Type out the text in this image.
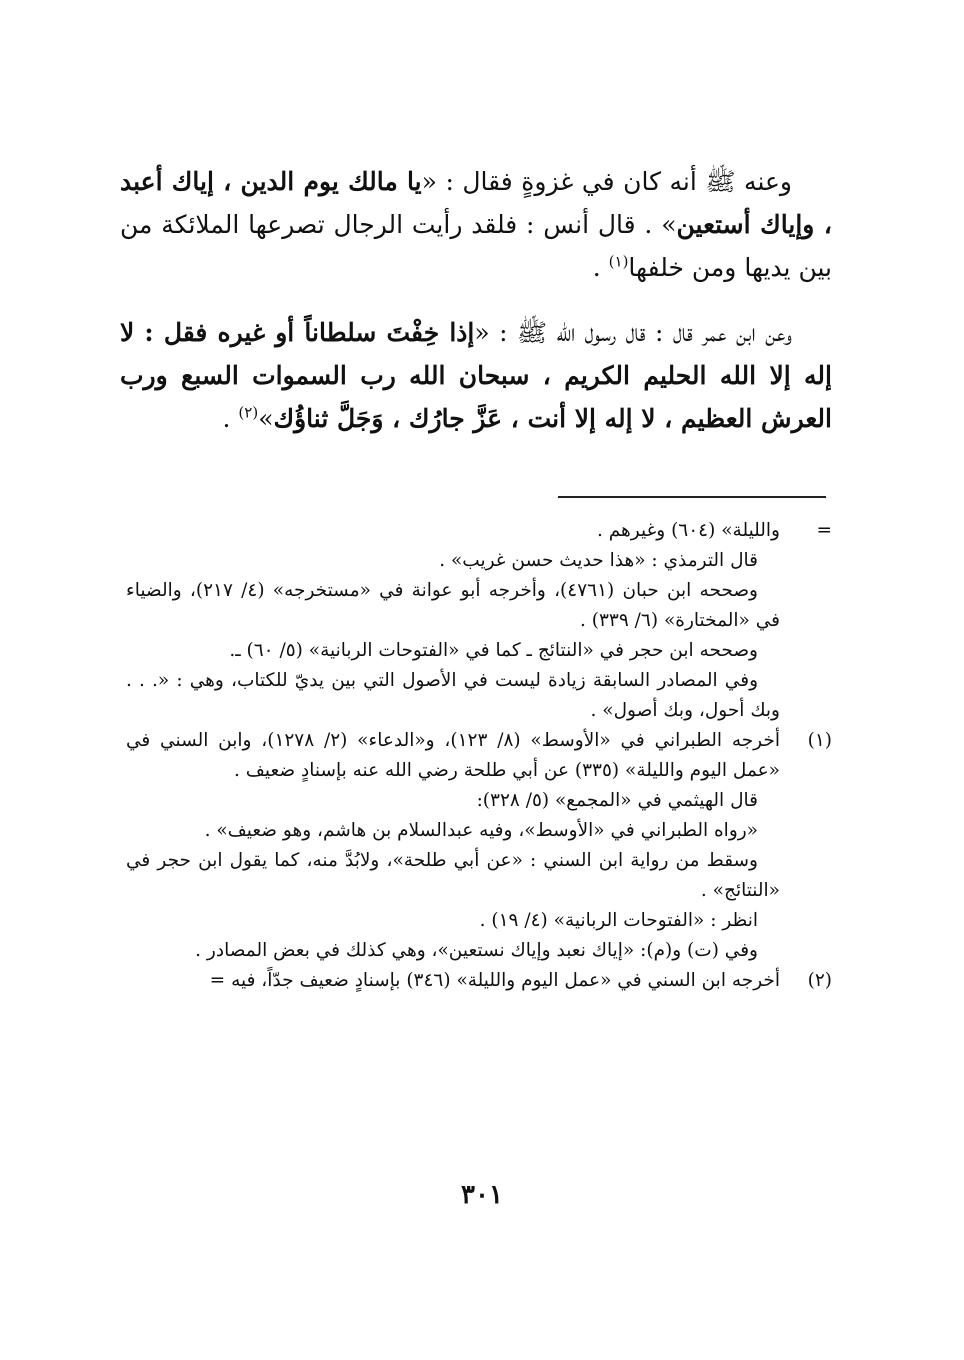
وعنه ﷺ أنه كان في غزوةٍ فقال : «يا مالك يوم الدين ، إياك أعبد ، وإياك أستعين» . قال أنس : فلقد رأيت الرجال تصرعها الملائكة من بين يديها ومن خلفها$^{(١)}$ .

وعن ابن عمر قال : قال رسول الله ﷺ : «إذا خِفْتَ سلطاناً أو غيره فقل : لا إله إلا الله الحليم الكريم ، سبحان الله رب السموات السبع ورب العرش العظيم ، لا إله إلا أنت ، عَزَّ جارُك ، وَجَلَّ ثناؤُك»$^{(٢)}$ .

=
والليلة» (٦٠٤) وغيرهم .
قال الترمذي : «هذا حديث حسن غريب» .
وصححه ابن حبان (٤٧٦١)، وأخرجه أبو عوانة في «مستخرجه» (٤/ ٢١٧)، والضياء في «المختارة» (٦/ ٣٣٩) .
وصححه ابن حجر في «النتائج ـ كما في «الفتوحات الربانية» (٥/ ٦٠) ـ.
وفي المصادر السابقة زيادة ليست في الأصول التي بين يديّ للكتاب، وهي : «. . . وبك أحول، وبك أصول» .
(١)
أخرجه الطبراني في «الأوسط» (٨/ ١٢٣)، و«الدعاء» (٢/ ١٢٧٨)، وابن السني في «عمل اليوم والليلة» (٣٣٥) عن أبي طلحة رضي الله عنه بإسنادٍ ضعيف .
قال الهيثمي في «المجمع» (٥/ ٣٢٨):
«رواه الطبراني في «الأوسط»، وفيه عبدالسلام بن هاشم، وهو ضعيف» .
وسقط من رواية ابن السني : «عن أبي طلحة»، ولابُدَّ منه، كما يقول ابن حجر في «النتائج» .
انظر : «الفتوحات الربانية» (٤/ ١٩) .
وفي (ت) و(م): «إياك نعبد وإياك نستعين»، وهي كذلك في بعض المصادر .
(٢)
أخرجه ابن السني في «عمل اليوم والليلة» (٣٤٦) بإسنادٍ ضعيف جدّاً، فيه =
٣٠١
